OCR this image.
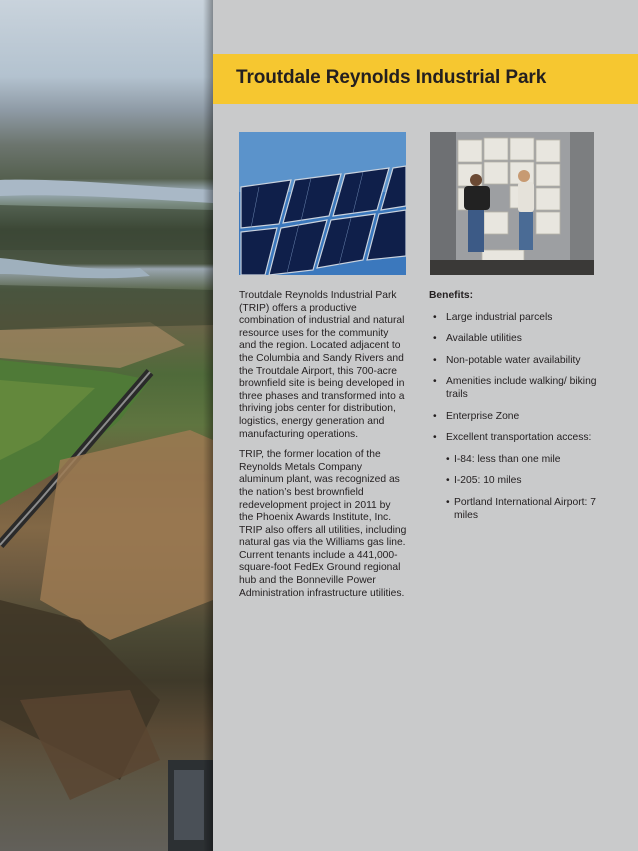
Troutdale Reynolds Industrial Park

Troutdale Reynolds Industrial Park (TRIP) offers a productive combination of industrial and natural resource uses for the community and the region. Located adjacent to the Columbia and Sandy Rivers and the Troutdale Airport, this 700-acre brownfield site is being developed in three phases and transformed into a thriving jobs center for distribution, logistics, energy generation and manufacturing operations.

TRIP, the former location of the Reynolds Metals Company aluminum plant, was recognized as the nation’s best brownfield redevelopment project in 2011 by the Phoenix Awards Institute, Inc. TRIP also offers all utilities, including natural gas via the Williams gas line. Current tenants include a 441,000-square-foot FedEx Ground regional hub and the Bonneville Power Administration infrastructure utilities.

Benefits:
• Large industrial parcels
• Available utilities
• Non-potable water availability
• Amenities include walking/ biking trails
• Enterprise Zone
• Excellent transportation access:
• I-84: less than one mile
• I-205: 10 miles
• Portland International Airport: 7 miles
